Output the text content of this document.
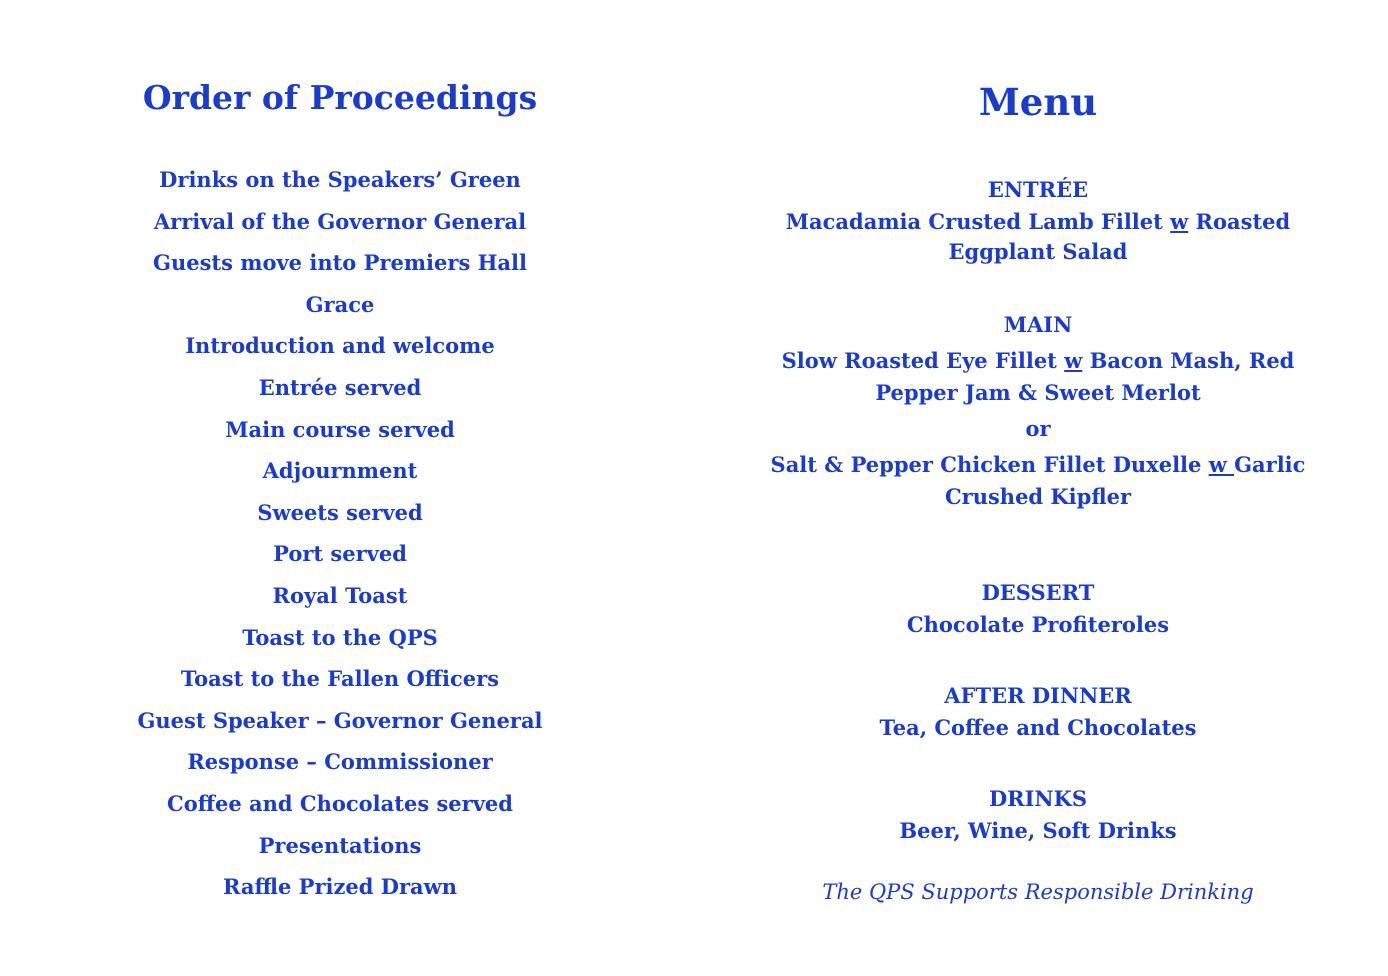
Order of Proceedings
Drinks on the Speakers’ Green
Arrival of the Governor General
Guests move into Premiers Hall
Grace
Introduction and welcome
Entrée served
Main course served
Adjournment
Sweets served
Port served
Royal Toast
Toast to the QPS
Toast to the Fallen Officers
Guest Speaker – Governor General
Response – Commissioner
Coffee and Chocolates served
Presentations
Raffle Prized Drawn
Menu
ENTRÉE
Macadamia Crusted Lamb Fillet w Roasted
Eggplant Salad
MAIN
Slow Roasted Eye Fillet w Bacon Mash, Red
Pepper Jam & Sweet Merlot
or
Salt & Pepper Chicken Fillet Duxelle w Garlic
Crushed Kipfler
DESSERT
Chocolate Profiteroles
AFTER DINNER
Tea, Coffee and Chocolates
DRINKS
Beer, Wine, Soft Drinks
The QPS Supports Responsible Drinking
